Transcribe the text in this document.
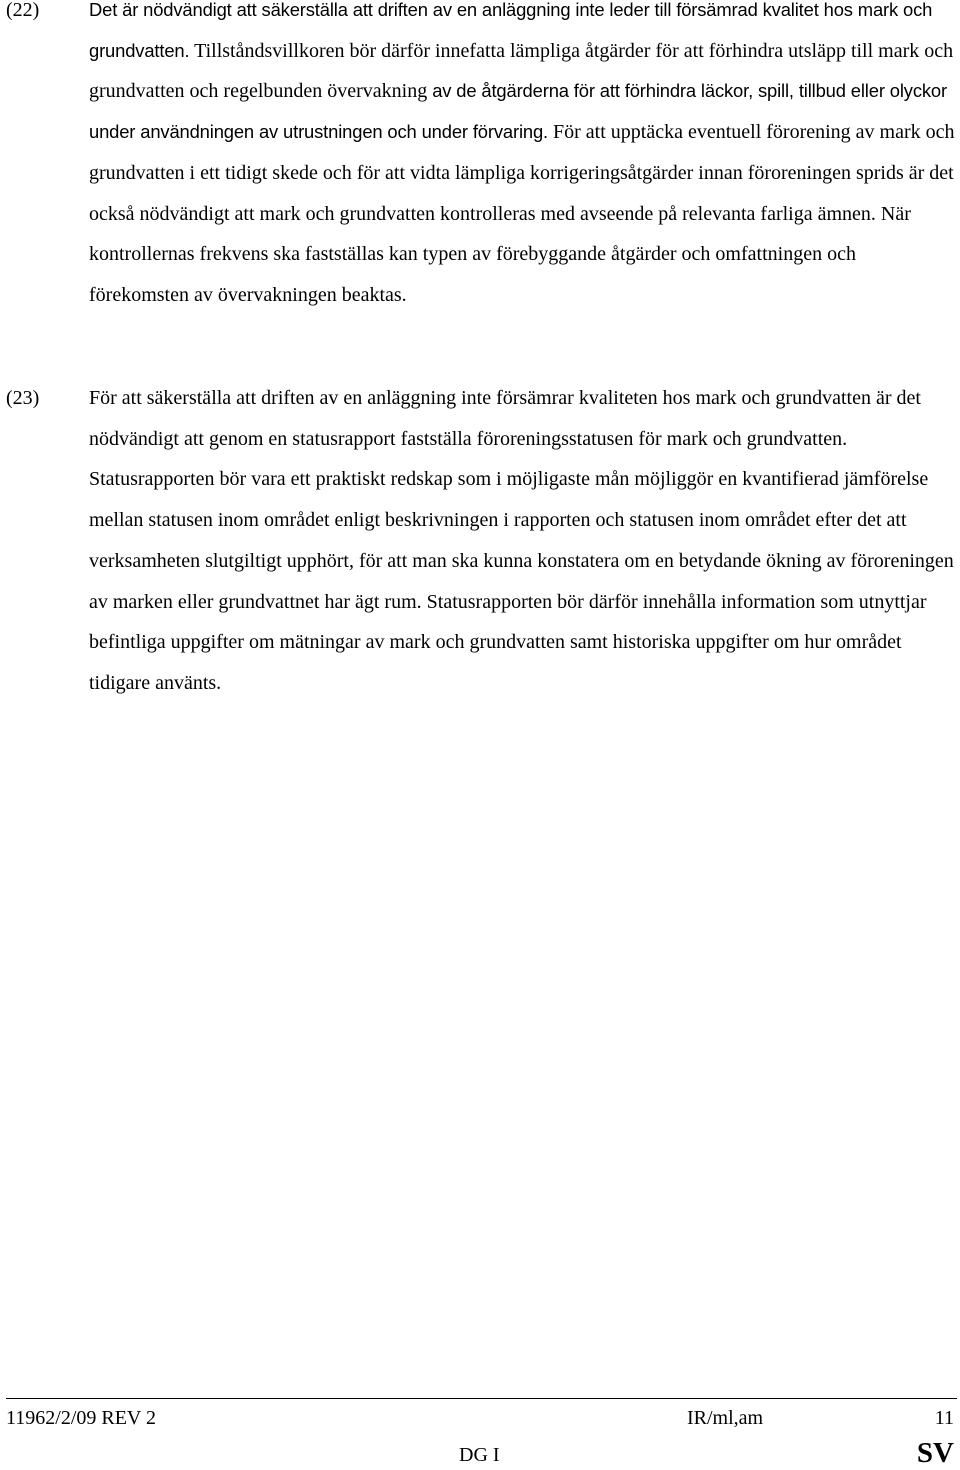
(22)	Det är nödvändigt att säkerställa att driften av en anläggning inte leder till försämrad kvalitet hos mark och grundvatten. Tillståndsvillkoren bör därför innefatta lämpliga åtgärder för att förhindra utsläpp till mark och grundvatten och regelbunden övervakning av de åtgärderna för att förhindra läckor, spill, tillbud eller olyckor under användningen av utrustningen och under förvaring. För att upptäcka eventuell förorening av mark och grundvatten i ett tidigt skede och för att vidta lämpliga korrigeringsåtgärder innan föroreningen sprids är det också nödvändigt att mark och grundvatten kontrolleras med avseende på relevanta farliga ämnen. När kontrollernas frekvens ska fastställas kan typen av förebyggande åtgärder och omfattningen och förekomsten av övervakningen beaktas.
(23) För att säkerställa att driften av en anläggning inte försämrar kvaliteten hos mark och grundvatten är det nödvändigt att genom en statusrapport fastställa föroreningsstatusen för mark och grundvatten. Statusrapporten bör vara ett praktiskt redskap som i möjligaste mån möjliggör en kvantifierad jämförelse mellan statusen inom området enligt beskrivningen i rapporten och statusen inom området efter det att verksamheten slutgiltigt upphört, för att man ska kunna konstatera om en betydande ökning av föroreningen av marken eller grundvattnet har ägt rum. Statusrapporten bör därför innehålla information som utnyttjar befintliga uppgifter om mätningar av mark och grundvatten samt historiska uppgifter om hur området tidigare använts.
11962/2/09 REV 2	IR/ml,am	11
DG I	SV
